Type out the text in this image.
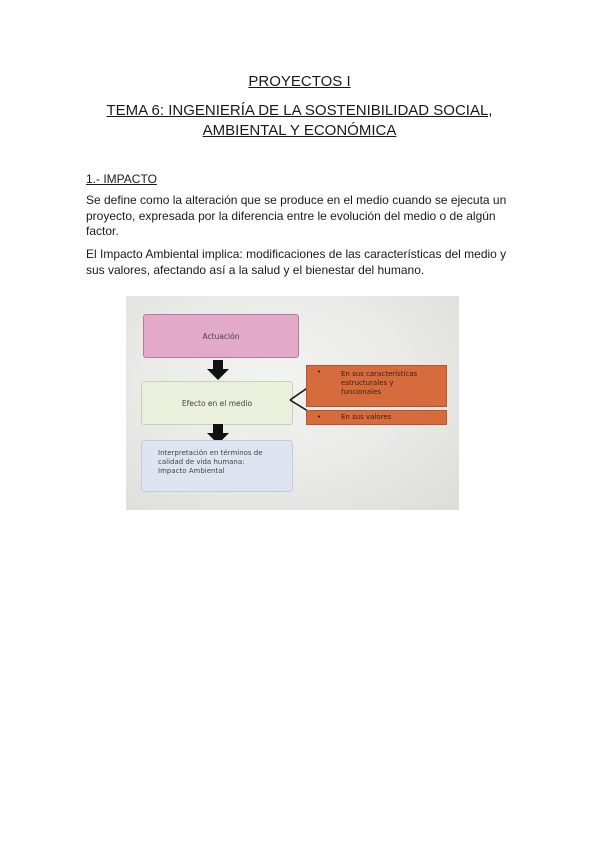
PROYECTOS I
TEMA 6: INGENIERÍA DE LA SOSTENIBILIDAD SOCIAL,
AMBIENTAL Y ECONÓMICA
1.- IMPACTO

Se define como la alteración que se produce en el medio cuando se ejecuta un proyecto, expresada por la diferencia entre le evolución del medio o de algún factor.

El Impacto Ambiental implica: modificaciones de las características del medio y sus valores, afectando así a la salud y el bienestar del humano.

Actuación
Efecto en el medio
Interpretación en términos de
calidad de vida humana:
Impacto Ambiental
•	En sus características
estructurales y
funcionales
•	En sus valores
